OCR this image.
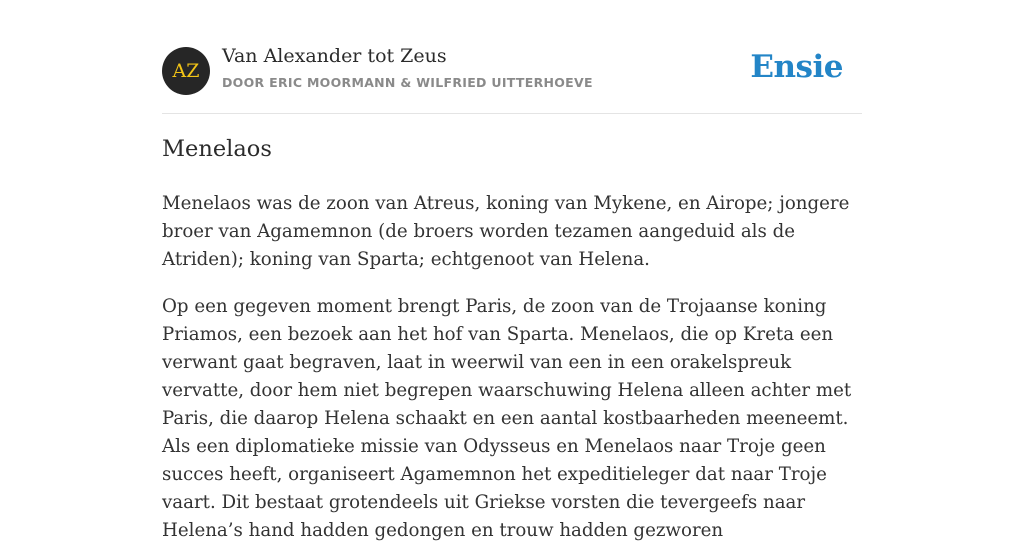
AZ
Van Alexander tot Zeus
DOOR ERIC MOORMANN & WILFRIED UITTERHOEVE	Ensie
Menelaos

Menelaos was de zoon van Atreus, koning van Mykene, en Airope; jongere broer van Agamemnon (de broers worden tezamen aangeduid als de Atriden); koning van Sparta; echtgenoot van Helena.

Op een gegeven moment brengt Paris, de zoon van de Trojaanse koning Priamos, een bezoek aan het hof van Sparta. Menelaos, die op Kreta een verwant gaat begraven, laat in weerwil van een in een orakelspreuk vervatte, door hem niet begrepen waarschuwing Helena alleen achter met Paris, die daarop Helena schaakt en een aantal kostbaarheden meeneemt. Als een diplomatieke missie van Odysseus en Menelaos naar Troje geen succes heeft, organiseert Agamemnon het expeditieleger dat naar Troje vaart. Dit bestaat grotendeels uit Griekse vorsten die tevergeefs naar Helena’s hand hadden gedongen en trouw hadden gezworen
